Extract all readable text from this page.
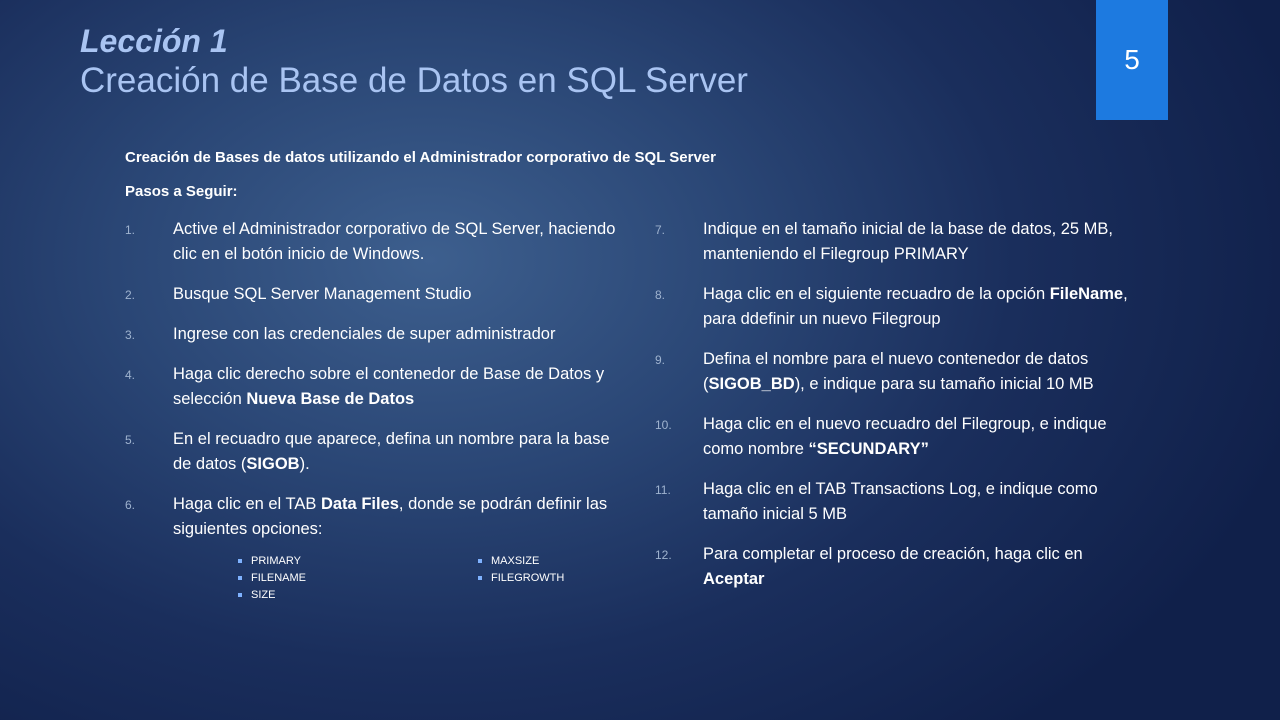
Lección 1
Creación de Base de Datos en SQL Server
5

Creación de Bases de datos utilizando el Administrador corporativo de SQL Server

Pasos a Seguir:

1. Active el Administrador corporativo de SQL Server, haciendo clic en el botón inicio de Windows.
2. Busque SQL Server Management Studio
3. Ingrese con las credenciales de super administrador
4. Haga clic derecho sobre el contenedor de Base de Datos y selección Nueva Base de Datos
5. En el recuadro que aparece, defina un nombre para la base de datos (SIGOB).
6. Haga clic en el TAB Data Files, donde se podrán definir las siguientes opciones:
7. Indique en el tamaño inicial de la base de datos, 25 MB, manteniendo el Filegroup PRIMARY
8. Haga clic en el siguiente recuadro de la opción FileName, para ddefinir un nuevo Filegroup
9. Defina el nombre para el nuevo contenedor de datos (SIGOB_BD), e indique para su tamaño inicial 10 MB
10. Haga clic en el nuevo recuadro del Filegroup, e indique como nombre “SECUNDARY”
11. Haga clic en el TAB Transactions Log, e indique como tamaño inicial 5 MB
12. Para completar el proceso de creación, haga clic en Aceptar
PRIMARY
FILENAME
SIZE
MAXSIZE
FILEGROWTH
